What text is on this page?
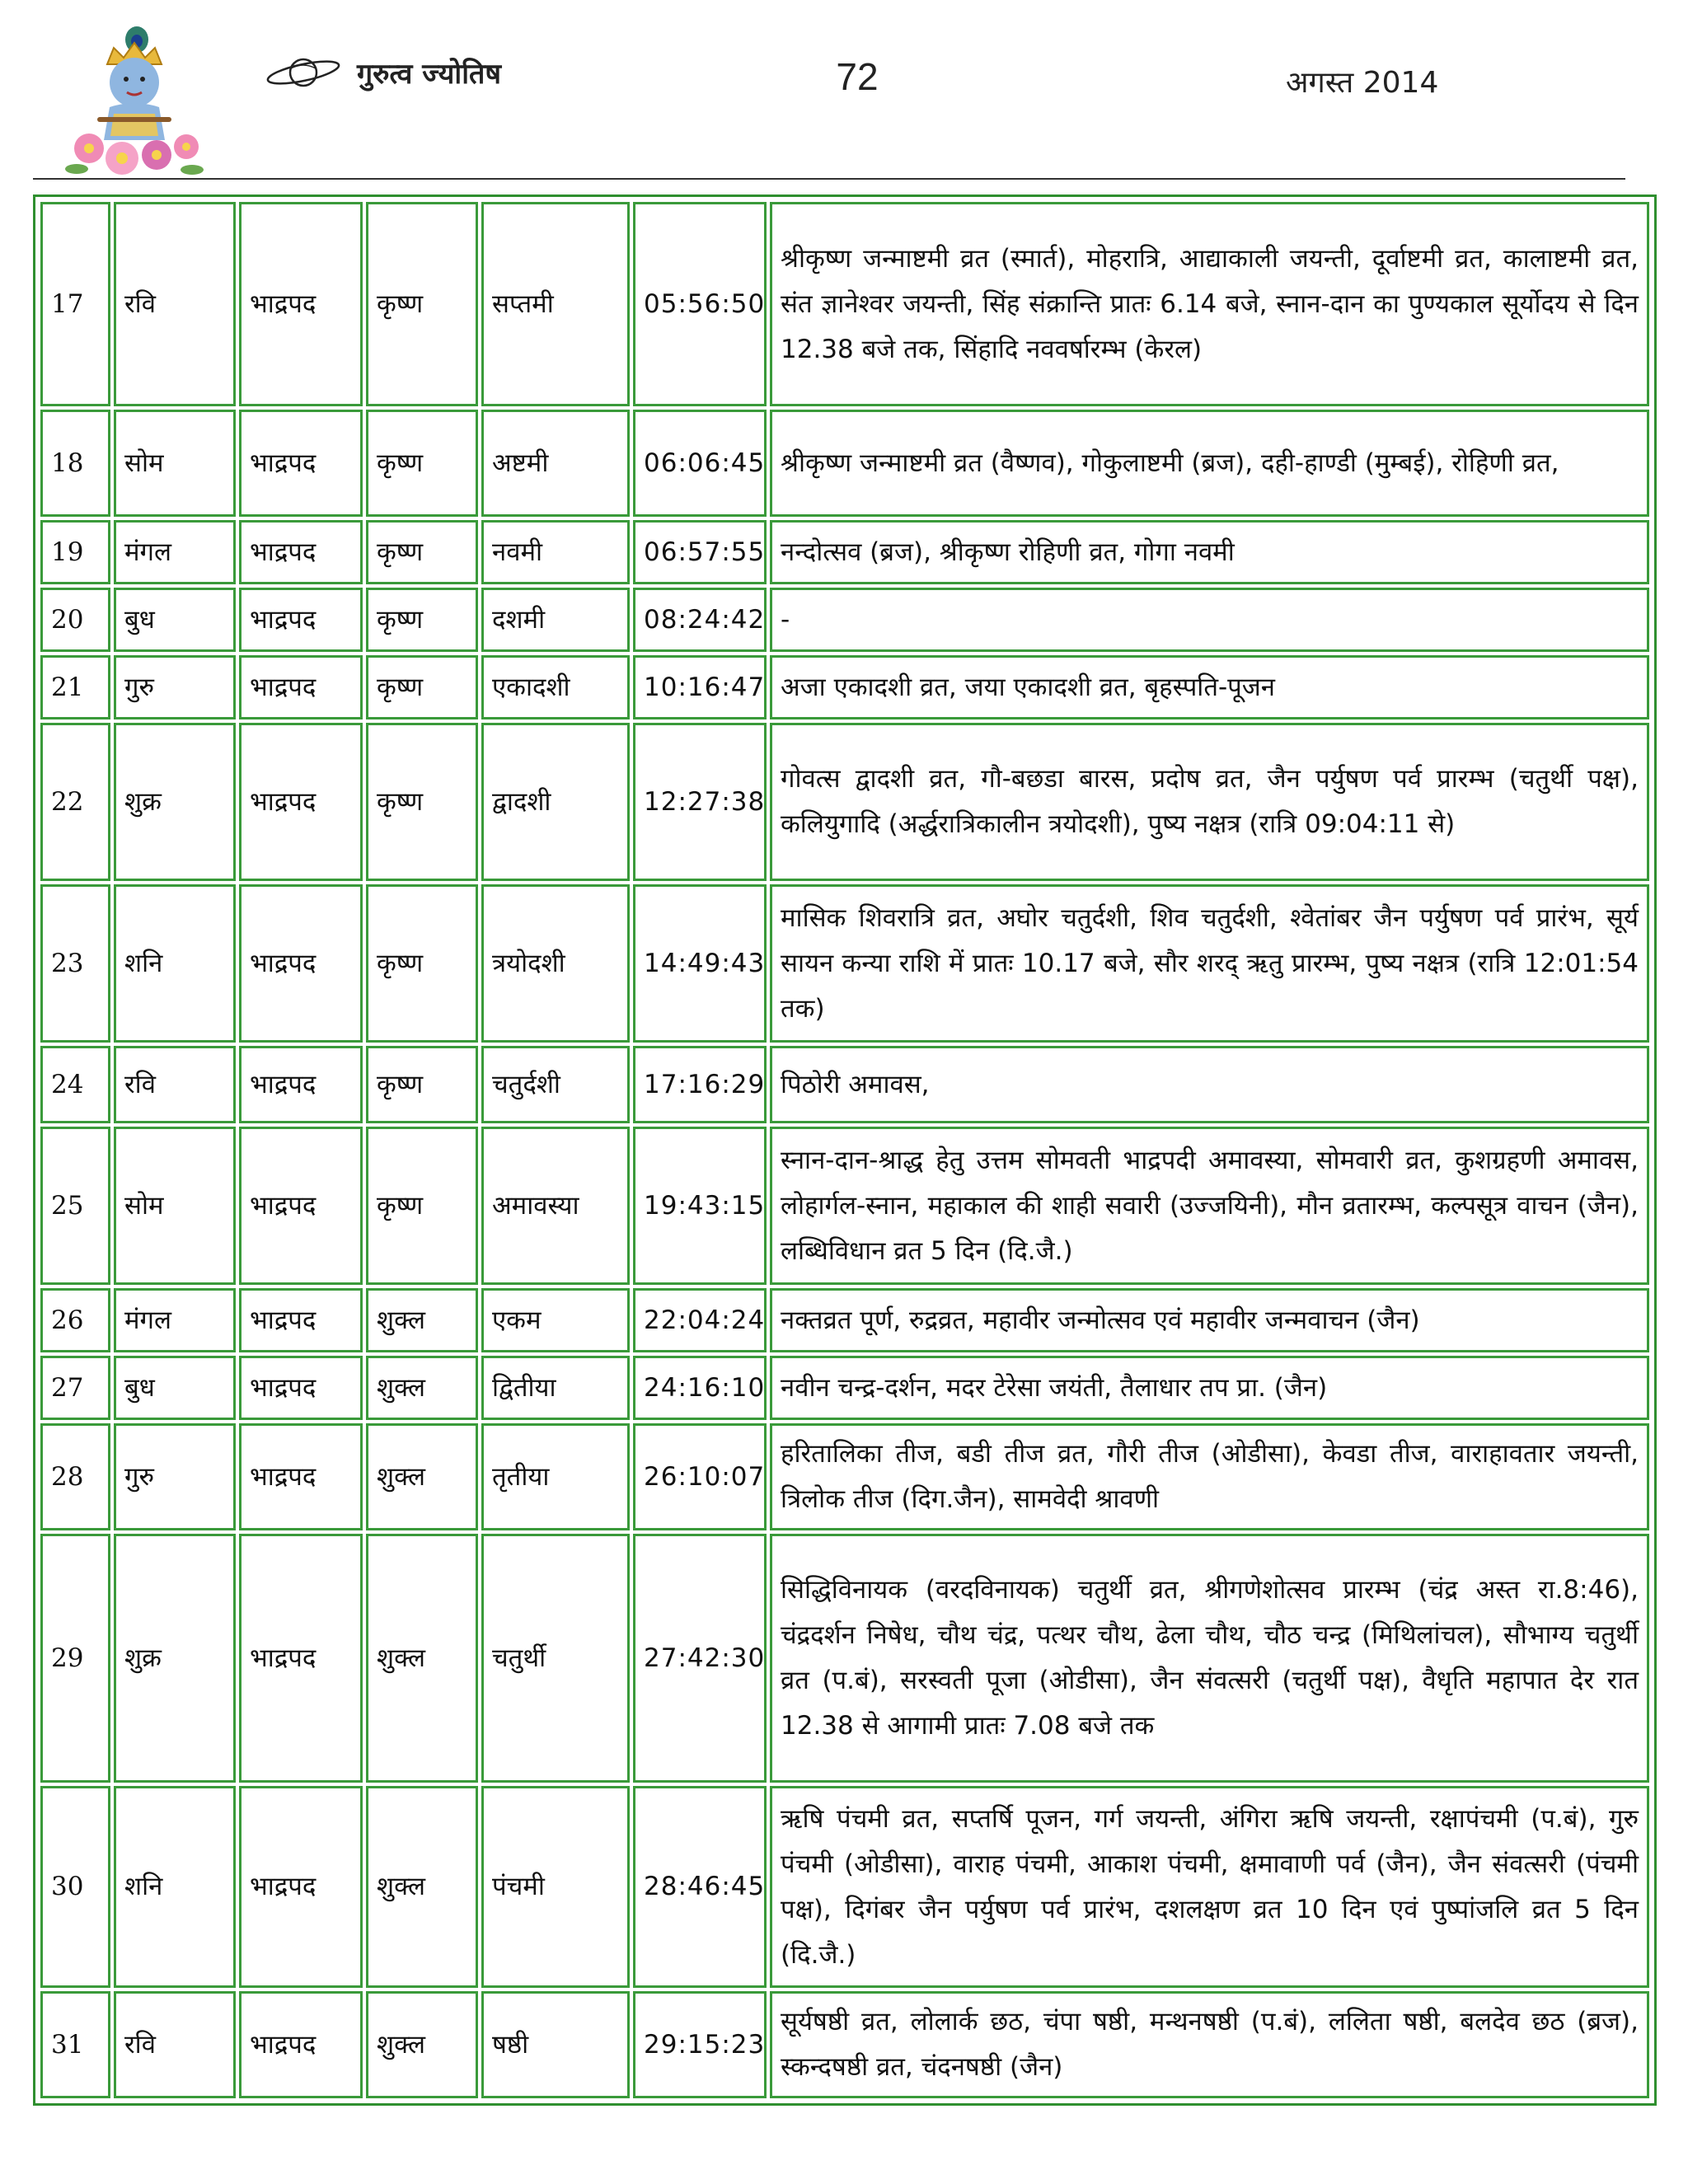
गुरुत्व ज्योतिष	72	अगस्त 2014
17	रवि	भाद्रपद	कृष्ण	सप्तमी	05:56:50	श्रीकृष्ण जन्माष्टमी व्रत (स्मार्त), मोहरात्रि, आद्याकाली जयन्ती, दूर्वाष्टमी व्रत, कालाष्टमी व्रत, संत ज्ञानेश्वर जयन्ती, सिंह संक्रान्ति प्रातः 6.14 बजे, स्नान-दान का पुण्यकाल सूर्योदय से दिन 12.38 बजे तक, सिंहादि नववर्षारम्भ (केरल)
18	सोम	भाद्रपद	कृष्ण	अष्टमी	06:06:45	श्रीकृष्ण जन्माष्टमी व्रत (वैष्णव), गोकुलाष्टमी (ब्रज), दही-हाण्डी (मुम्बई), रोहिणी व्रत,
19	मंगल	भाद्रपद	कृष्ण	नवमी	06:57:55	नन्दोत्सव (ब्रज), श्रीकृष्ण रोहिणी व्रत, गोगा नवमी
20	बुध	भाद्रपद	कृष्ण	दशमी	08:24:42	-
21	गुरु	भाद्रपद	कृष्ण	एकादशी	10:16:47	अजा एकादशी व्रत, जया एकादशी व्रत, बृहस्पति-पूजन
22	शुक्र	भाद्रपद	कृष्ण	द्वादशी	12:27:38	गोवत्स द्वादशी व्रत, गौ-बछडा बारस, प्रदोष व्रत, जैन पर्युषण पर्व प्रारम्भ (चतुर्थी पक्ष), कलियुगादि (अर्द्धरात्रिकालीन त्रयोदशी), पुष्य नक्षत्र (रात्रि 09:04:11 से)
23	शनि	भाद्रपद	कृष्ण	त्रयोदशी	14:49:43	मासिक शिवरात्रि व्रत, अघोर चतुर्दशी, शिव चतुर्दशी, श्वेतांबर जैन पर्युषण पर्व प्रारंभ, सूर्य सायन कन्या राशि में प्रातः 10.17 बजे, सौर शरद् ऋतु प्रारम्भ, पुष्य नक्षत्र (रात्रि 12:01:54 तक)
24	रवि	भाद्रपद	कृष्ण	चतुर्दशी	17:16:29	पिठोरी अमावस,
25	सोम	भाद्रपद	कृष्ण	अमावस्या	19:43:15	स्नान-दान-श्राद्ध हेतु उत्तम सोमवती भाद्रपदी अमावस्या, सोमवारी व्रत, कुशग्रहणी अमावस, लोहार्गल-स्नान, महाकाल की शाही सवारी (उज्जयिनी), मौन व्रतारम्भ, कल्पसूत्र वाचन (जैन), लब्धिविधान व्रत 5 दिन (दि.जै.)
26	मंगल	भाद्रपद	शुक्ल	एकम	22:04:24	नक्तव्रत पूर्ण, रुद्रव्रत, महावीर जन्मोत्सव एवं महावीर जन्मवाचन (जैन)
27	बुध	भाद्रपद	शुक्ल	द्वितीया	24:16:10	नवीन चन्द्र-दर्शन, मदर टेरेसा जयंती, तैलाधार तप प्रा. (जैन)
28	गुरु	भाद्रपद	शुक्ल	तृतीया	26:10:07	हरितालिका तीज, बडी तीज व्रत, गौरी तीज (ओडीसा), केवडा तीज, वाराहावतार जयन्ती, त्रिलोक तीज (दिग.जैन), सामवेदी श्रावणी
29	शुक्र	भाद्रपद	शुक्ल	चतुर्थी	27:42:30	सिद्धिविनायक (वरदविनायक) चतुर्थी व्रत, श्रीगणेशोत्सव प्रारम्भ (चंद्र अस्त रा.8:46), चंद्रदर्शन निषेध, चौथ चंद्र, पत्थर चौथ, ढेला चौथ, चौठ चन्द्र (मिथिलांचल), सौभाग्य चतुर्थी व्रत (प.बं), सरस्वती पूजा (ओडीसा), जैन संवत्सरी (चतुर्थी पक्ष), वैधृति महापात देर रात 12.38 से आगामी प्रातः 7.08 बजे तक
30	शनि	भाद्रपद	शुक्ल	पंचमी	28:46:45	ऋषि पंचमी व्रत, सप्तर्षि पूजन, गर्ग जयन्ती, अंगिरा ऋषि जयन्ती, रक्षापंचमी (प.बं), गुरु पंचमी (ओडीसा), वाराह पंचमी, आकाश पंचमी, क्षमावाणी पर्व (जैन), जैन संवत्सरी (पंचमी पक्ष), दिगंबर जैन पर्युषण पर्व प्रारंभ, दशलक्षण व्रत 10 दिन एवं पुष्पांजलि व्रत 5 दिन (दि.जै.)
31	रवि	भाद्रपद	शुक्ल	षष्ठी	29:15:23	सूर्यषष्ठी व्रत, लोलार्क छठ, चंपा षष्ठी, मन्थनषष्ठी (प.बं), ललिता षष्ठी, बलदेव छठ (ब्रज), स्कन्दषष्ठी व्रत, चंदनषष्ठी (जैन)
